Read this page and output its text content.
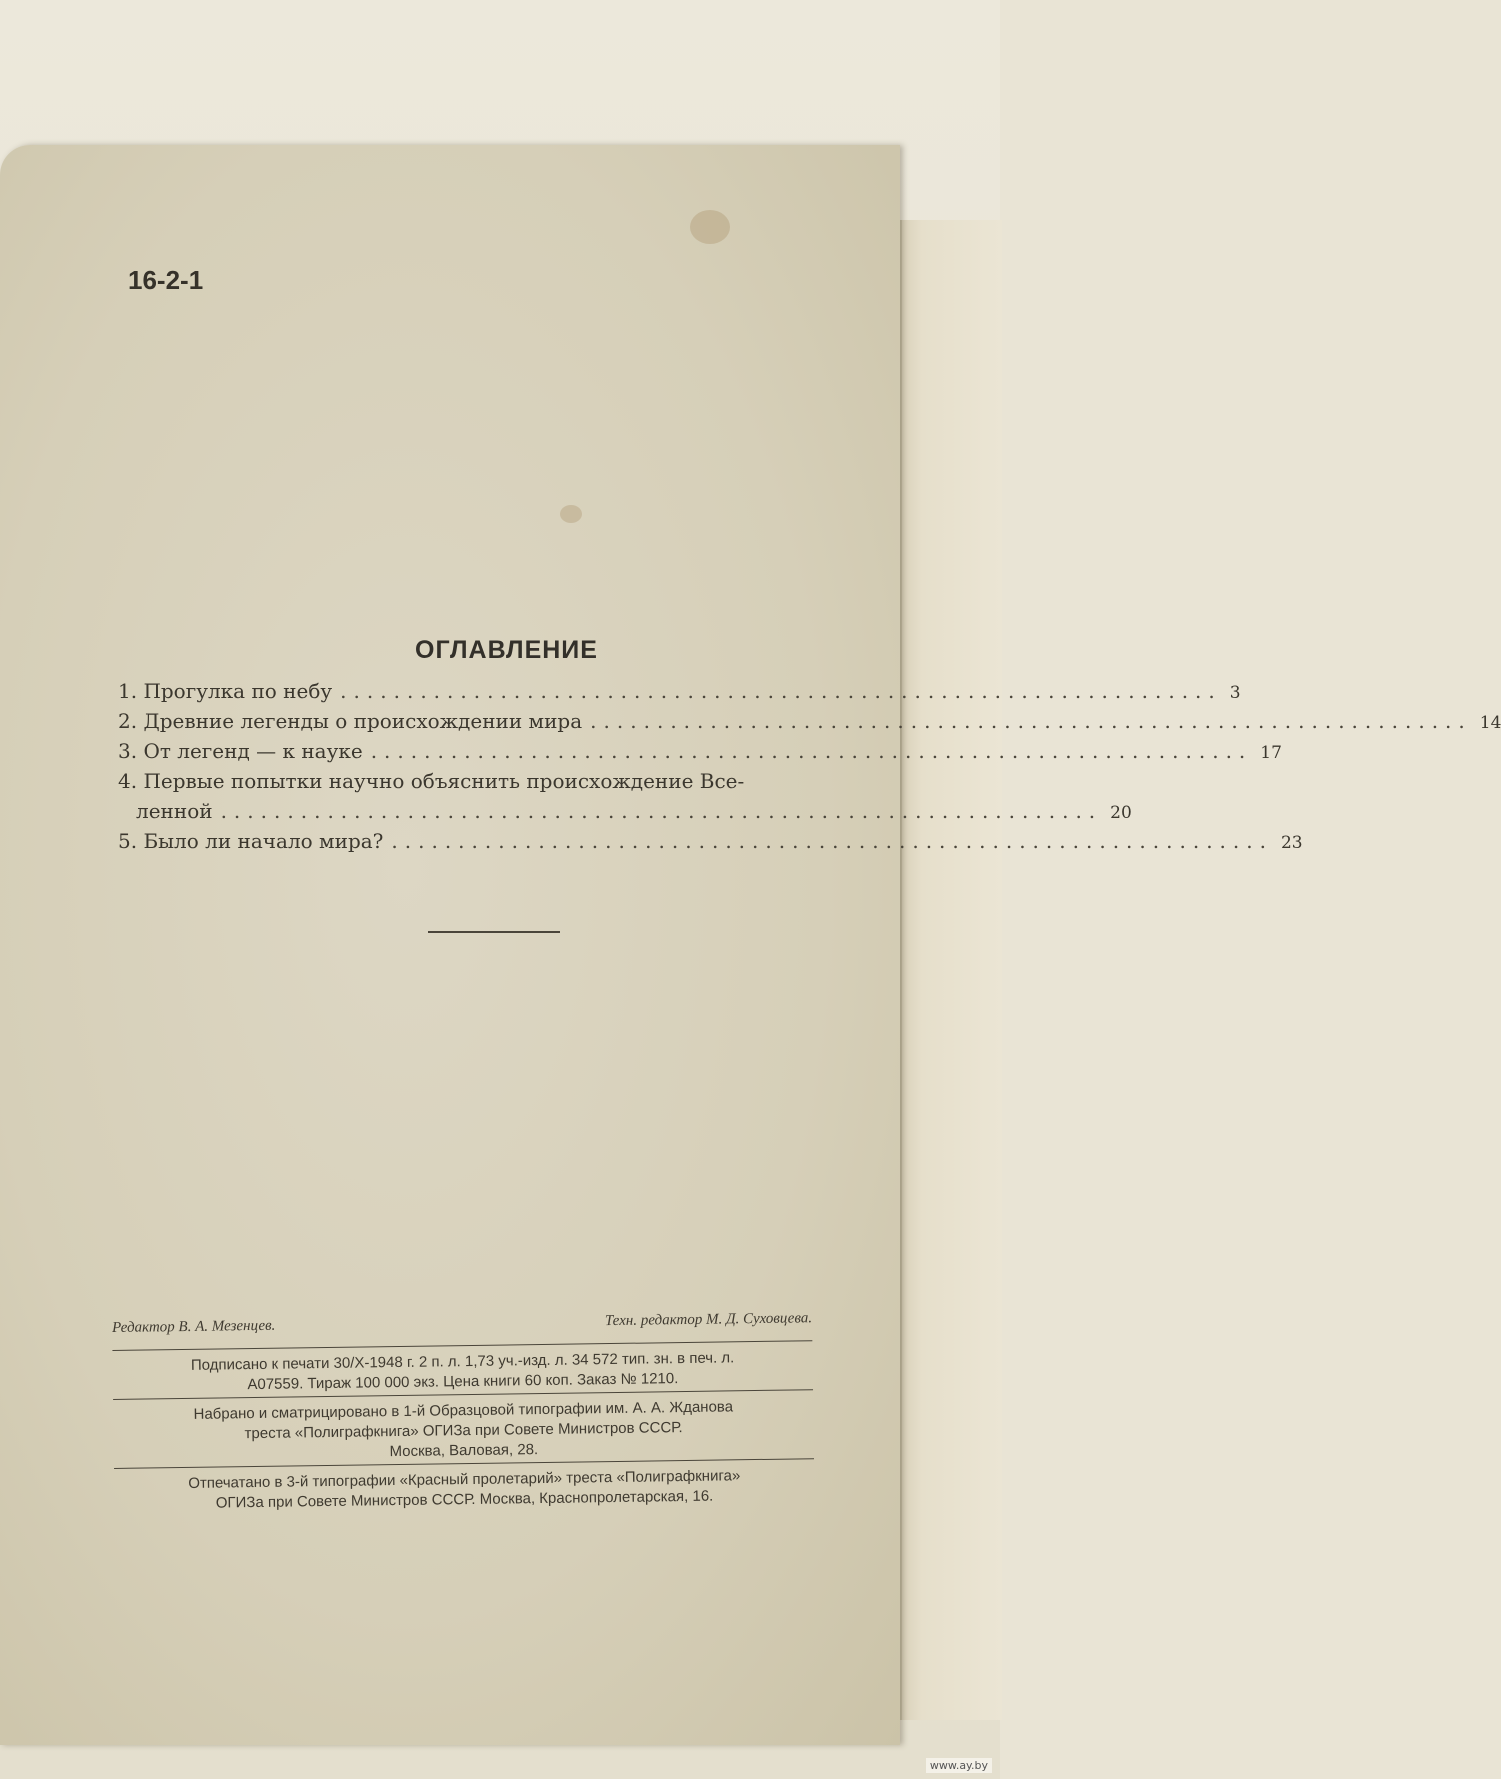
16-2-1
ОГЛАВЛЕНИЕ
1. Прогулка по небу .................................................................. 3
2. Древние легенды о происхождении мира .................................................................. 14
3. От легенд — к науке .................................................................. 17
4. Первые попытки научно объяснить происхождение Все-
ленной .................................................................. 20
5. Было ли начало мира? .................................................................. 23
Редактор В. А. Мезенцев.	Техн. редактор М. Д. Суховцева.
Подписано к печати 30/Х-1948 г. 2 п. л. 1,73 уч.-изд. л. 34 572 тип. зн. в печ. л.
А07559. Тираж 100 000 экз. Цена книги 60 коп. Заказ № 1210.
Набрано и сматрицировано в 1-й Образцовой типографии им. А. А. Жданова
треста «Полиграфкнига» ОГИЗа при Совете Министров СССР.
Москва, Валовая, 28.
Отпечатано в 3-й типографии «Красный пролетарий» треста «Полиграфкнига»
ОГИЗа при Совете Министров СССР. Москва, Краснопролетарская, 16.
www.ay.by
